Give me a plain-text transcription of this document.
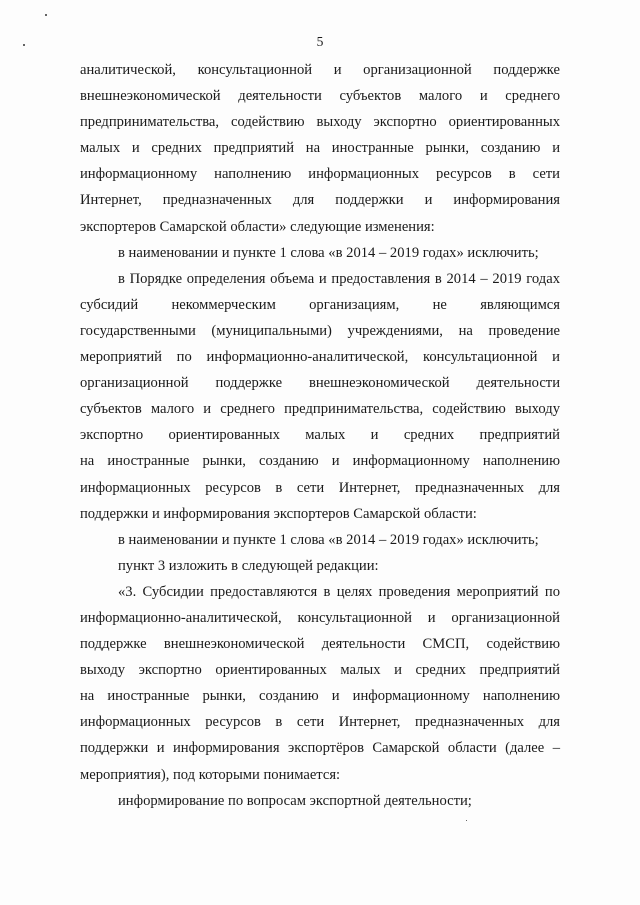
5
аналитической, консультационной и организационной поддержке
внешнеэкономической деятельности субъектов малого и среднего
предпринимательства, содействию выходу экспортно ориентированных
малых и средних предприятий на иностранные рынки, созданию и
информационному наполнению информационных ресурсов в сети
Интернет, предназначенных для поддержки и информирования
экспортеров Самарской области» следующие изменения:
в наименовании и пункте 1 слова «в 2014 – 2019 годах» исключить;
в Порядке определения объема и предоставления в 2014 – 2019 годах
субсидий некоммерческим организациям, не являющимся
государственными (муниципальными) учреждениями, на проведение
мероприятий по информационно-аналитической, консультационной и
организационной поддержке внешнеэкономической деятельности
субъектов малого и среднего предпринимательства, содействию выходу
экспортно ориентированных малых и средних предприятий
на иностранные рынки, созданию и информационному наполнению
информационных ресурсов в сети Интернет, предназначенных для
поддержки и информирования экспортеров Самарской области:
в наименовании и пункте 1 слова «в 2014 – 2019 годах» исключить;
пункт 3 изложить в следующей редакции:
«3. Субсидии предоставляются в целях проведения мероприятий по
информационно-аналитической, консультационной и организационной
поддержке внешнеэкономической деятельности СМСП, содействию
выходу экспортно ориентированных малых и средних предприятий
на иностранные рынки, созданию и информационному наполнению
информационных ресурсов в сети Интернет, предназначенных для
поддержки и информирования экспортёров Самарской области (далее –
мероприятия), под которыми понимается:
информирование по вопросам экспортной деятельности;
